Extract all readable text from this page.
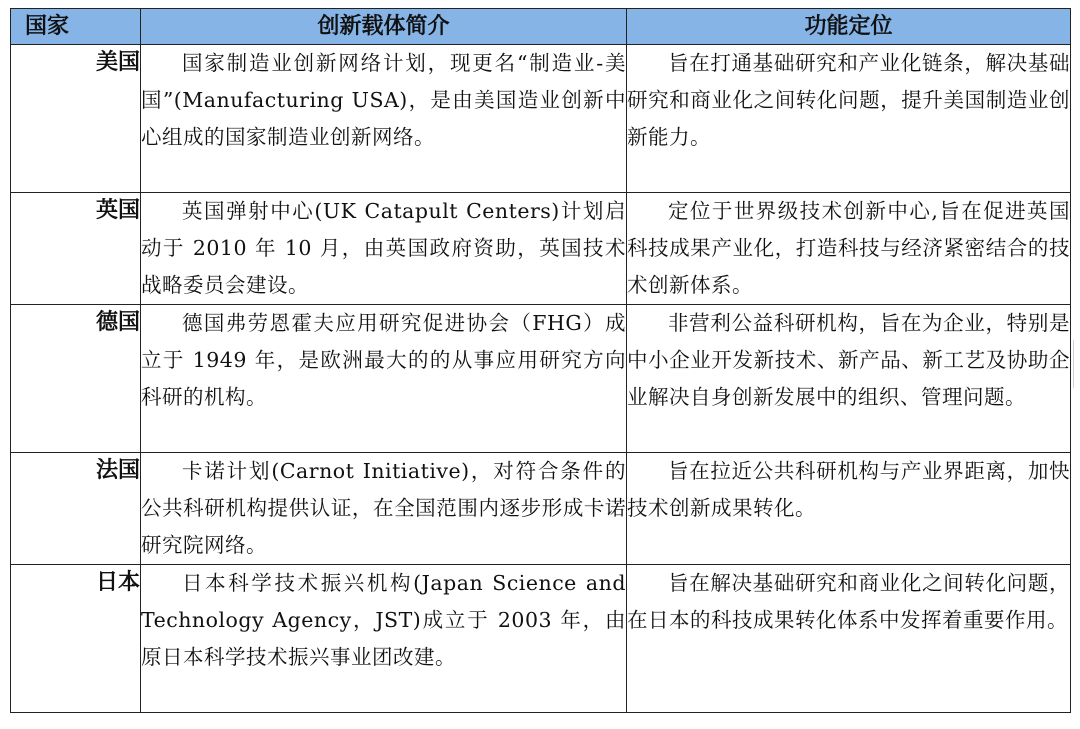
国家	创新载体简介	功能定位
美国	国家制造业创新网络计划，现更名“制造业-美国”(Manufacturing USA)，是由美国造业创新中心组成的国家制造业创新网络。	旨在打通基础研究和产业化链条，解决基础研究和商业化之间转化问题，提升美国制造业创新能力。
英国	英国弹射中心(UK Catapult Centers)计划启动于 2010 年 10 月，由英国政府资助，英国技术战略委员会建设。	定位于世界级技术创新中心,旨在促进英国科技成果产业化，打造科技与经济紧密结合的技术创新体系。
德国	德国弗劳恩霍夫应用研究促进协会（FHG）成立于 1949 年，是欧洲最大的的从事应用研究方向科研的机构。	非营利公益科研机构，旨在为企业，特别是中小企业开发新技术、新产品、新工艺及协助企业解决自身创新发展中的组织、管理问题。
法国	卡诺计划(Carnot Initiative)，对符合条件的公共科研机构提供认证，在全国范围内逐步形成卡诺研究院网络。	旨在拉近公共科研机构与产业界距离，加快技术创新成果转化。
日本	日本科学技术振兴机构(Japan Science and Technology Agency，JST)成立于 2003 年，由原日本科学技术振兴事业团改建。	旨在解决基础研究和商业化之间转化问题，在日本的科技成果转化体系中发挥着重要作用。
